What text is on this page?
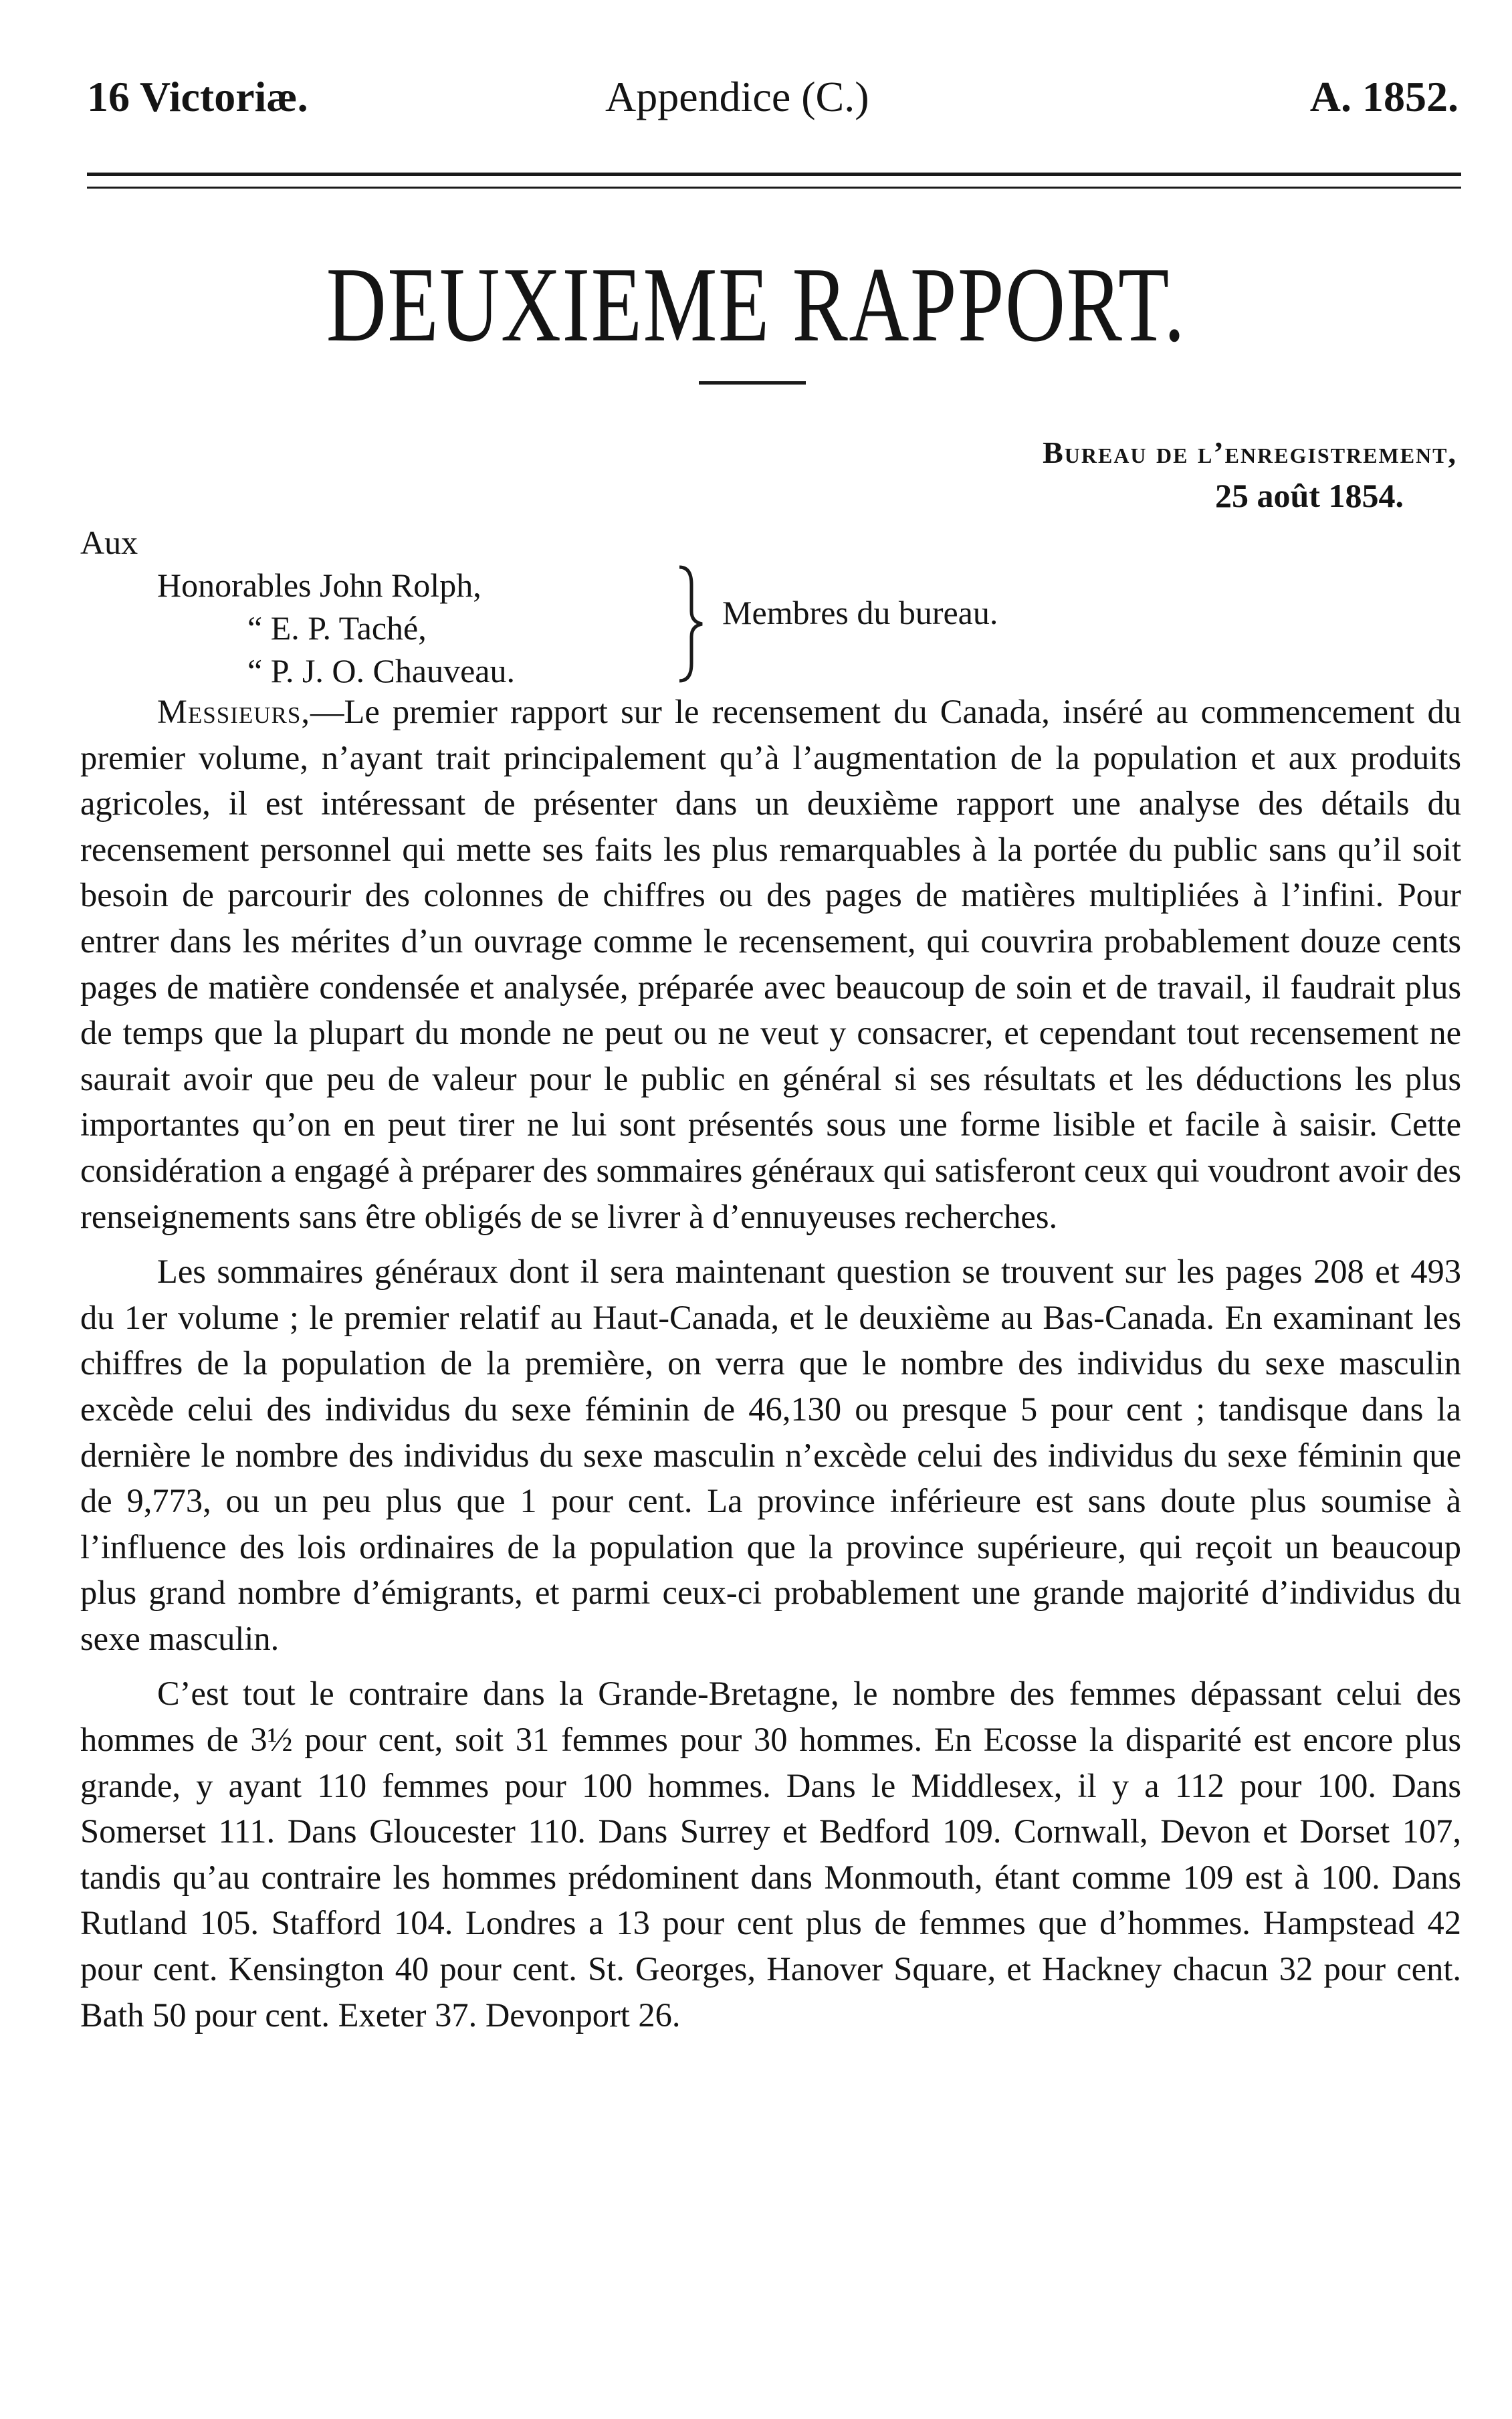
16 Victoriæ.	Appendice (C.)	A. 1852.
DEUXIEME RAPPORT.
Bureau de l’enregistrement,
25 août 1854.
Aux
Honorables John Rolph,
“ E. P. Taché,
“ P. J. O. Chauveau.
Membres du bureau.

Messieurs,—Le premier rapport sur le recensement du Canada, inséré au commencement du premier volume, n’ayant trait principalement qu’à l’augmentation de la population et aux produits agricoles, il est intéressant de présenter dans un deuxième rapport une analyse des détails du recensement personnel qui mette ses faits les plus remarquables à la portée du public sans qu’il soit besoin de parcourir des colonnes de chiffres ou des pages de matières multipliées à l’infini. Pour entrer dans les mérites d’un ouvrage comme le recensement, qui couvrira probablement douze cents pages de matière condensée et analysée, préparée avec beaucoup de soin et de travail, il faudrait plus de temps que la plupart du monde ne peut ou ne veut y consacrer, et cependant tout recensement ne saurait avoir que peu de valeur pour le public en général si ses résultats et les déductions les plus importantes qu’on en peut tirer ne lui sont présentés sous une forme lisible et facile à saisir. Cette considération a engagé à préparer des sommaires généraux qui satisferont ceux qui voudront avoir des renseignements sans être obligés de se livrer à d’ennuyeuses recherches.

Les sommaires généraux dont il sera maintenant question se trouvent sur les pages 208 et 493 du 1er volume ; le premier relatif au Haut-Canada, et le deuxième au Bas-Canada. En examinant les chiffres de la population de la première, on verra que le nombre des individus du sexe masculin excède celui des individus du sexe féminin de 46,130 ou presque 5 pour cent ; tandisque dans la dernière le nombre des individus du sexe masculin n’excède celui des individus du sexe féminin que de 9,773, ou un peu plus que 1 pour cent. La province inférieure est sans doute plus soumise à l’influence des lois ordinaires de la population que la province supérieure, qui reçoit un beaucoup plus grand nombre d’émigrants, et parmi ceux-ci probablement une grande majorité d’individus du sexe masculin.

C’est tout le contraire dans la Grande-Bretagne, le nombre des femmes dépassant celui des hommes de 3½ pour cent, soit 31 femmes pour 30 hommes. En Ecosse la disparité est encore plus grande, y ayant 110 femmes pour 100 hommes. Dans le Middlesex, il y a 112 pour 100. Dans Somerset 111. Dans Gloucester 110. Dans Surrey et Bedford 109. Cornwall, Devon et Dorset 107, tandis qu’au contraire les hommes prédominent dans Monmouth, étant comme 109 est à 100. Dans Rutland 105. Stafford 104. Londres a 13 pour cent plus de femmes que d’hommes. Hampstead 42 pour cent. Kensington 40 pour cent. St. Georges, Hanover Square, et Hackney chacun 32 pour cent. Bath 50 pour cent. Exeter 37. Devonport 26.
